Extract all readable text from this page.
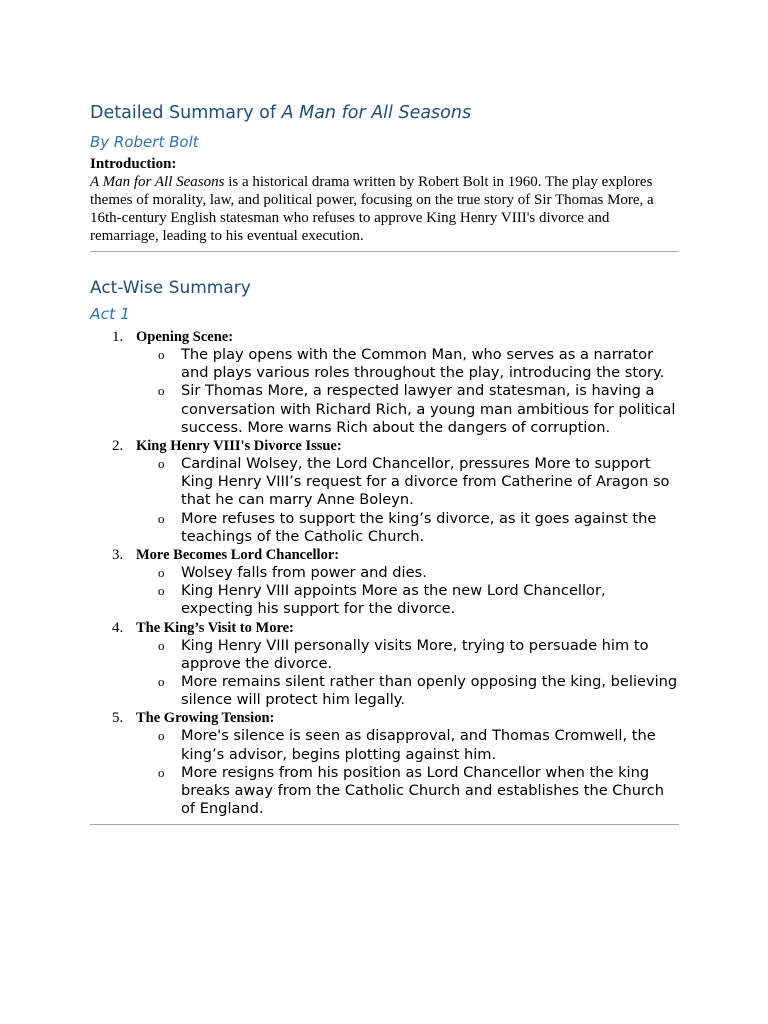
Detailed Summary of A Man for All Seasons
By Robert Bolt
Introduction:

A Man for All Seasons is a historical drama written by Robert Bolt in 1960. The play explores themes of morality, law, and political power, focusing on the true story of Sir Thomas More, a 16th-century English statesman who refuses to approve King Henry VIII's divorce and remarriage, leading to his eventual execution.

Act-Wise Summary
Act 1
1. Opening Scene:
o The play opens with the Common Man, who serves as a narrator and plays various roles throughout the play, introducing the story.
o Sir Thomas More, a respected lawyer and statesman, is having a conversation with Richard Rich, a young man ambitious for political success. More warns Rich about the dangers of corruption.
2. King Henry VIII's Divorce Issue:
o Cardinal Wolsey, the Lord Chancellor, pressures More to support King Henry VIII’s request for a divorce from Catherine of Aragon so that he can marry Anne Boleyn.
o More refuses to support the king’s divorce, as it goes against the teachings of the Catholic Church.
3. More Becomes Lord Chancellor:
o Wolsey falls from power and dies.
o King Henry VIII appoints More as the new Lord Chancellor, expecting his support for the divorce.
4. The King’s Visit to More:
o King Henry VIII personally visits More, trying to persuade him to approve the divorce.
o More remains silent rather than openly opposing the king, believing silence will protect him legally.
5. The Growing Tension:
o More's silence is seen as disapproval, and Thomas Cromwell, the king’s advisor, begins plotting against him.
o More resigns from his position as Lord Chancellor when the king breaks away from the Catholic Church and establishes the Church of England.
